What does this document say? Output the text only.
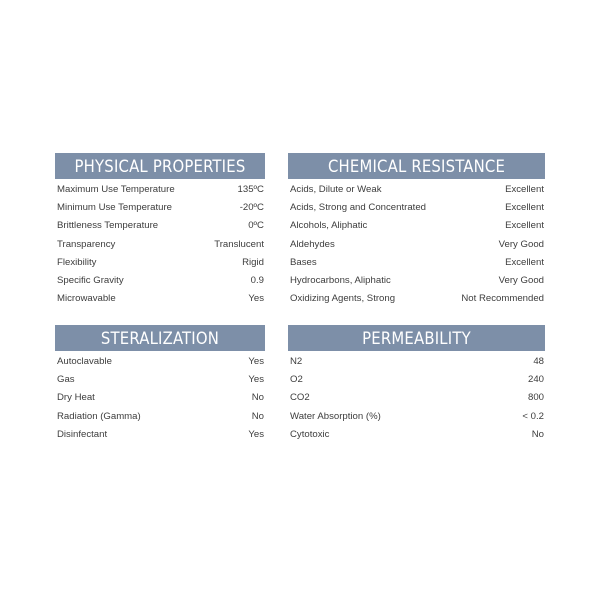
PHYSICAL PROPERTIES
Maximum Use Temperature	135ºC
Minimum Use Temperature	-20ºC
Brittleness Temperature	0ºC
Transparency	Translucent
Flexibility	Rigid
Specific Gravity	0.9
Microwavable	Yes
CHEMICAL RESISTANCE
Acids, Dilute or Weak	Excellent
Acids, Strong and Concentrated	Excellent
Alcohols, Aliphatic	Excellent
Aldehydes	Very Good
Bases	Excellent
Hydrocarbons, Aliphatic	Very Good
Oxidizing Agents, Strong	Not Recommended
STERALIZATION
Autoclavable	Yes
Gas	Yes
Dry Heat	No
Radiation (Gamma)	No
Disinfectant	Yes
PERMEABILITY
N2	48
O2	240
CO2	800
Water Absorption (%)	< 0.2
Cytotoxic	No
